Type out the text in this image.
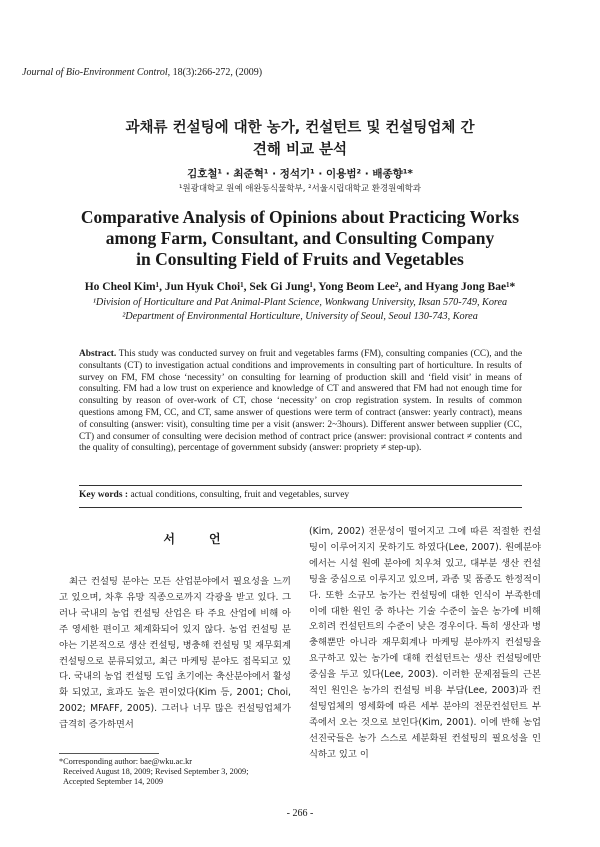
Journal of Bio-Environment Control, 18(3):266-272, (2009)
과채류 컨설팅에 대한 농가, 컨설턴트 및 컨설팅업체 간
견해 비교 분석
김호철¹ · 최준혁¹ · 정석기¹ · 이용범² · 배종향¹*
¹원광대학교 원예 애완동식물학부, ²서울시립대학교 환경원예학과
Comparative Analysis of Opinions about Practicing Works
among Farm, Consultant, and Consulting Company
in Consulting Field of Fruits and Vegetables
Ho Cheol Kim¹, Jun Hyuk Choi¹, Sek Gi Jung¹, Yong Beom Lee², and Hyang Jong Bae¹*
¹Division of Horticulture and Pat Animal-Plant Science, Wonkwang University, Iksan 570-749, Korea
²Department of Environmental Horticulture, University of Seoul, Seoul 130-743, Korea
Abstract. This study was conducted survey on fruit and vegetables farms (FM), consulting companies (CC), and the consultants (CT) to investigation actual conditions and improvements in consulting part of horticulture. In results of survey on FM, FM chose ‘necessity’ on consulting for learning of production skill and ‘field visit’ in means of consulting. FM had a low trust on experience and knowledge of CT and answered that FM had not enough time for consulting by reason of over-work of CT, chose ‘necessity’ on crop registration system. In results of common questions among FM, CC, and CT, same answer of questions were term of contract (answer: yearly contract), means of consulting (answer: visit), consulting time per a visit (answer: 2~3hours). Different answer between supplier (CC, CT) and consumer of consulting were decision method of contract price (answer: provisional contract ≠ contents and the quality of consulting), percentage of government subsidy (answer: propriety ≠ step-up).
Key words : actual conditions, consulting, fruit and vegetables, survey
서언

최근 컨설팅 분야는 모든 산업분야에서 필요성을 느끼고 있으며, 차후 유망 직종으로까지 각광을 받고 있다. 그러나 국내의 농업 컨설팅 산업은 타 주요 산업에 비해 아주 영세한 편이고 체계화되어 있지 않다. 농업 컨설팅 분야는 기본적으로 생산 컨설팅, 병충해 컨설팅 및 재무회계 컨설팅으로 분류되었고, 최근 마케팅 분야도 접목되고 있다. 국내의 농업 컨설팅 도입 초기에는 축산분야에서 활성화 되었고, 효과도 높은 편이었다(Kim 등, 2001; Choi, 2002; MFAFF, 2005). 그러나 너무 많은 컨설팅업체가 급격히 증가하면서

(Kim, 2002) 전문성이 떨어지고 그에 따른 적절한 컨설팅이 이루어지지 못하기도 하였다(Lee, 2007). 원예분야에서는 시설 원예 분야에 치우쳐 있고, 대부분 생산 컨설팅을 중심으로 이루지고 있으며, 과종 및 품종도 한정적이다. 또한 소규모 농가는 컨설팅에 대한 인식이 부족한데 이에 대한 원인 중 하나는 기술 수준이 높은 농가에 비해 오히려 컨설턴트의 수준이 낮은 경우이다. 특히 생산과 병충해뿐만 아니라 재무회계나 마케팅 분야까지 컨설팅을 요구하고 있는 농가에 대해 컨설턴트는 생산 컨설팅에만 중심을 두고 있다(Lee, 2003). 이러한 문제점들의 근본적인 원인은 농가의 컨설팅 비용 부담(Lee, 2003)과 컨설팅업체의 영세화에 따른 세부 분야의 전문컨설턴트 부족에서 오는 것으로 보인다(Kim, 2001). 이에 반해 농업선진국들은 농가 스스로 세분화된 컨설팅의 필요성을 인식하고 있고 이

*Corresponding author: bae@wku.ac.kr
Received August 18, 2009; Revised September 3, 2009;
Accepted September 14, 2009
- 266 -
